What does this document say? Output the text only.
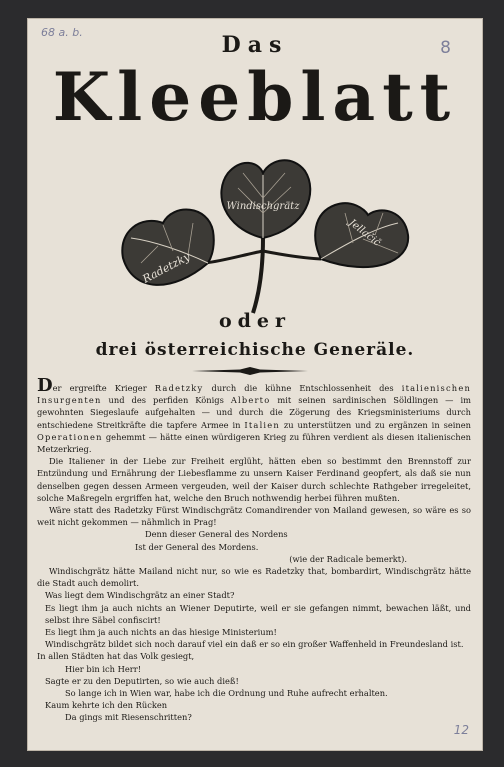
68 a. b.
8
12
Das
Kleeblatt
Radetzky
Windischgrätz
Jellačič
oder
drei österreichische Generäle.

Der ergreifte Krieger Radetzky durch die kühne Entschlossenheit des italienischen Insurgenten und des perfiden Königs Alberto mit seinen sardinischen Söldlingen — im gewohnten Siegeslaufe aufgehalten — und durch die Zögerung des Kriegsministeriums durch entschiedene Streitkräfte die tapfere Armee in Italien zu unterstützen und zu ergänzen in seinen Operationen gehemmt — hätte einen würdigeren Krieg zu führen verdient als diesen italienischen Metzerkrieg.

Die Italiener in der Liebe zur Freiheit erglüht, hätten eben so bestimmt den Brennstoff zur Entzündung und Ernährung der Liebesflamme zu unsern Kaiser Ferdinand geopfert, als daß sie nun denselben gegen dessen Armeen vergeuden, weil der Kaiser durch schlechte Rathgeber irregeleitet, solche Maßregeln ergriffen hat, welche den Bruch nothwendig herbei führen mußten.

Wäre statt des Radetzky Fürst Windischgrätz Comandirender von Mailand gewesen, so wäre es so weit nicht gekommen — nähmlich in Prag!

Denn dieser General des Nordens

Ist der General des Mordens.

(wie der Radicale bemerkt).

Windischgrätz hätte Mailand nicht nur, so wie es Radetzky that, bombardirt, Windischgrätz hätte die Stadt auch demolirt.

Was liegt dem Windischgrätz an einer Stadt?

Es liegt ihm ja auch nichts an Wiener Deputirte, weil er sie gefangen nimmt, bewachen läßt, und selbst ihre Säbel confiscirt!

Es liegt ihm ja auch nichts an das hiesige Ministerium!

Windischgrätz bildet sich noch darauf viel ein daß er so ein großer Waffenheld in Freundesland ist.

In allen Städten hat das Volk gesiegt,

Hier bin ich Herr!

Sagte er zu den Deputirten, so wie auch dieß!

So lange ich in Wien war, habe ich die Ordnung und Ruhe aufrecht erhalten.

Kaum kehrte ich den Rücken

Da gings mit Riesenschritten?
